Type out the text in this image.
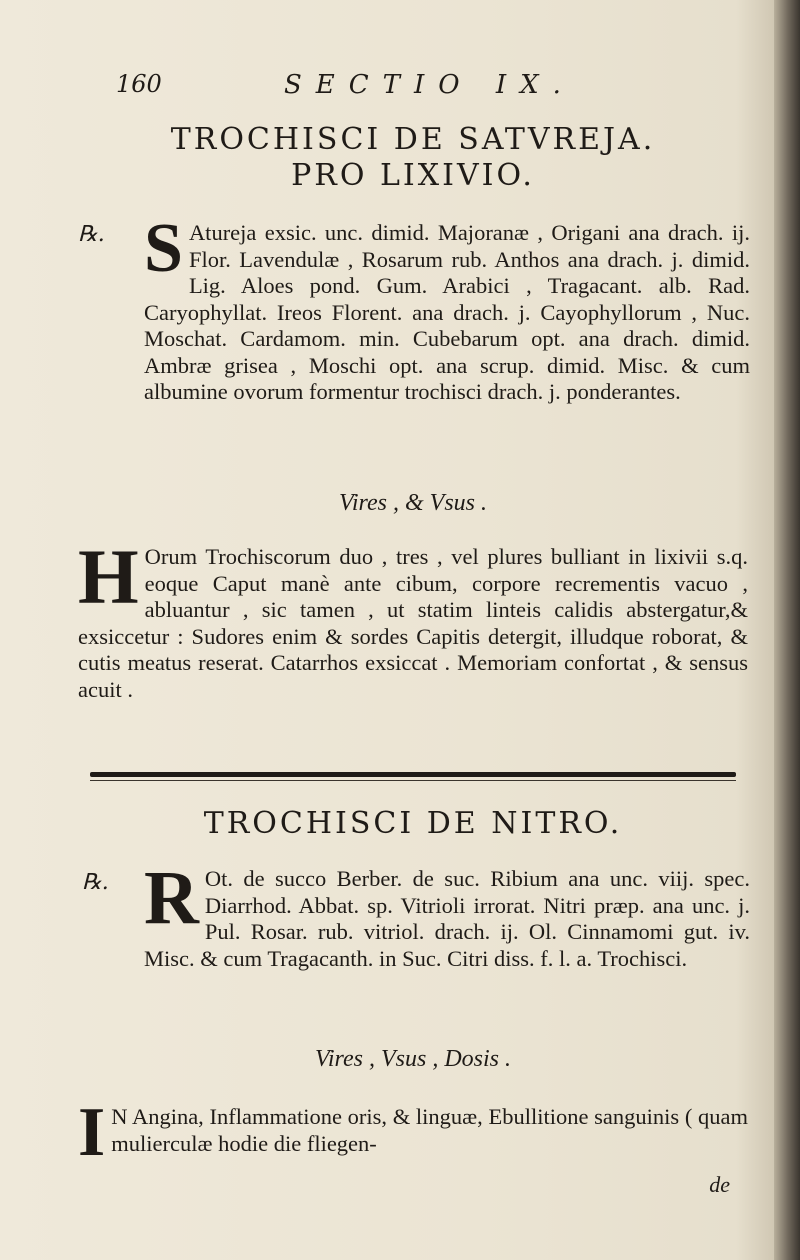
160	SECTIO IX.
TROCHISCI DE SATVREJA.
PRO LIXIVIO.
℞. S Atureja exsic. unc. dimid. Majoranæ , Origani ana drach. ij. Flor. Lavendulæ , Rosarum rub. Anthos ana drach. j. dimid. Lig. Aloes pond. Gum. Arabici , Tragacant. alb. Rad. Caryophyllat. Ireos Florent. ana drach. j. Cayophyllorum , Nuc. Moschat. Cardamom. min. Cubebarum opt. ana drach. dimid. Ambræ grisea , Moschi opt. ana scrup. dimid. Misc. & cum albumine ovorum formentur trochisci drach. j. ponderantes.
Vires , & Vsus .
H Orum Trochiscorum duo , tres , vel plures bulliant in lixivii s.q. eoque Caput manè ante cibum, corpore recrementis vacuo , abluantur , sic tamen , ut statim linteis calidis abstergatur,& exsiccetur : Sudores enim & sordes Capitis detergit, illudque roborat, & cutis meatus reserat. Catarrhos exsiccat . Memoriam confortat , & sensus acuit .
TROCHISCI DE NITRO.
℞. R Ot. de succo Berber. de suc. Ribium ana unc. viij. spec. Diarrhod. Abbat. sp. Vitrioli irrorat. Nitri præp. ana unc. j. Pul. Rosar. rub. vitriol. drach. ij. Ol. Cinnamomi gut. iv. Misc. & cum Tragacanth. in Suc. Citri diss. f. l. a. Trochisci.
Vires , Vsus , Dosis .
I N Angina, Inflammatione oris, & linguæ, Ebullitione sanguinis ( quam mulierculæ hodie die fliegen-
de
